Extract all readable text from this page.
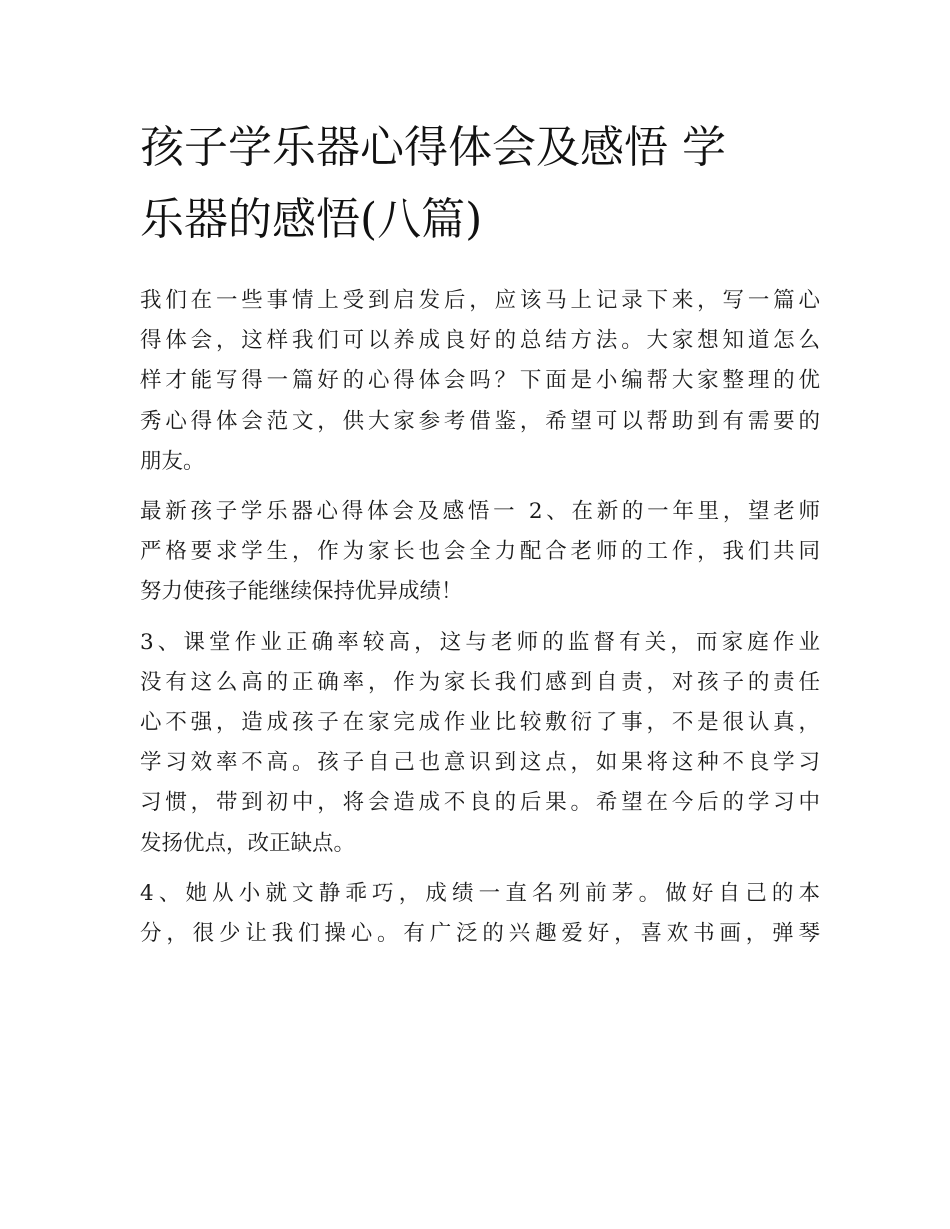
孩子学乐器心得体会及感悟 学
乐器的感悟(八篇)

我们在一些事情上受到启发后，应该马上记录下来，写一篇心
得体会，这样我们可以养成良好的总结方法。大家想知道怎么
样才能写得一篇好的心得体会吗？下面是小编帮大家整理的优
秀心得体会范文，供大家参考借鉴，希望可以帮助到有需要的
朋友。

最新孩子学乐器心得体会及感悟一 2、在新的一年里，望老师
严格要求学生，作为家长也会全力配合老师的工作，我们共同
努力使孩子能继续保持优异成绩！

3、课堂作业正确率较高，这与老师的监督有关，而家庭作业
没有这么高的正确率，作为家长我们感到自责，对孩子的责任
心不强，造成孩子在家完成作业比较敷衍了事，不是很认真，
学习效率不高。孩子自己也意识到这点，如果将这种不良学习
习惯，带到初中，将会造成不良的后果。希望在今后的学习中
发扬优点，改正缺点。

4、她从小就文静乖巧，成绩一直名列前茅。做好自己的本
分，很少让我们操心。有广泛的兴趣爱好，喜欢书画，弹琴
